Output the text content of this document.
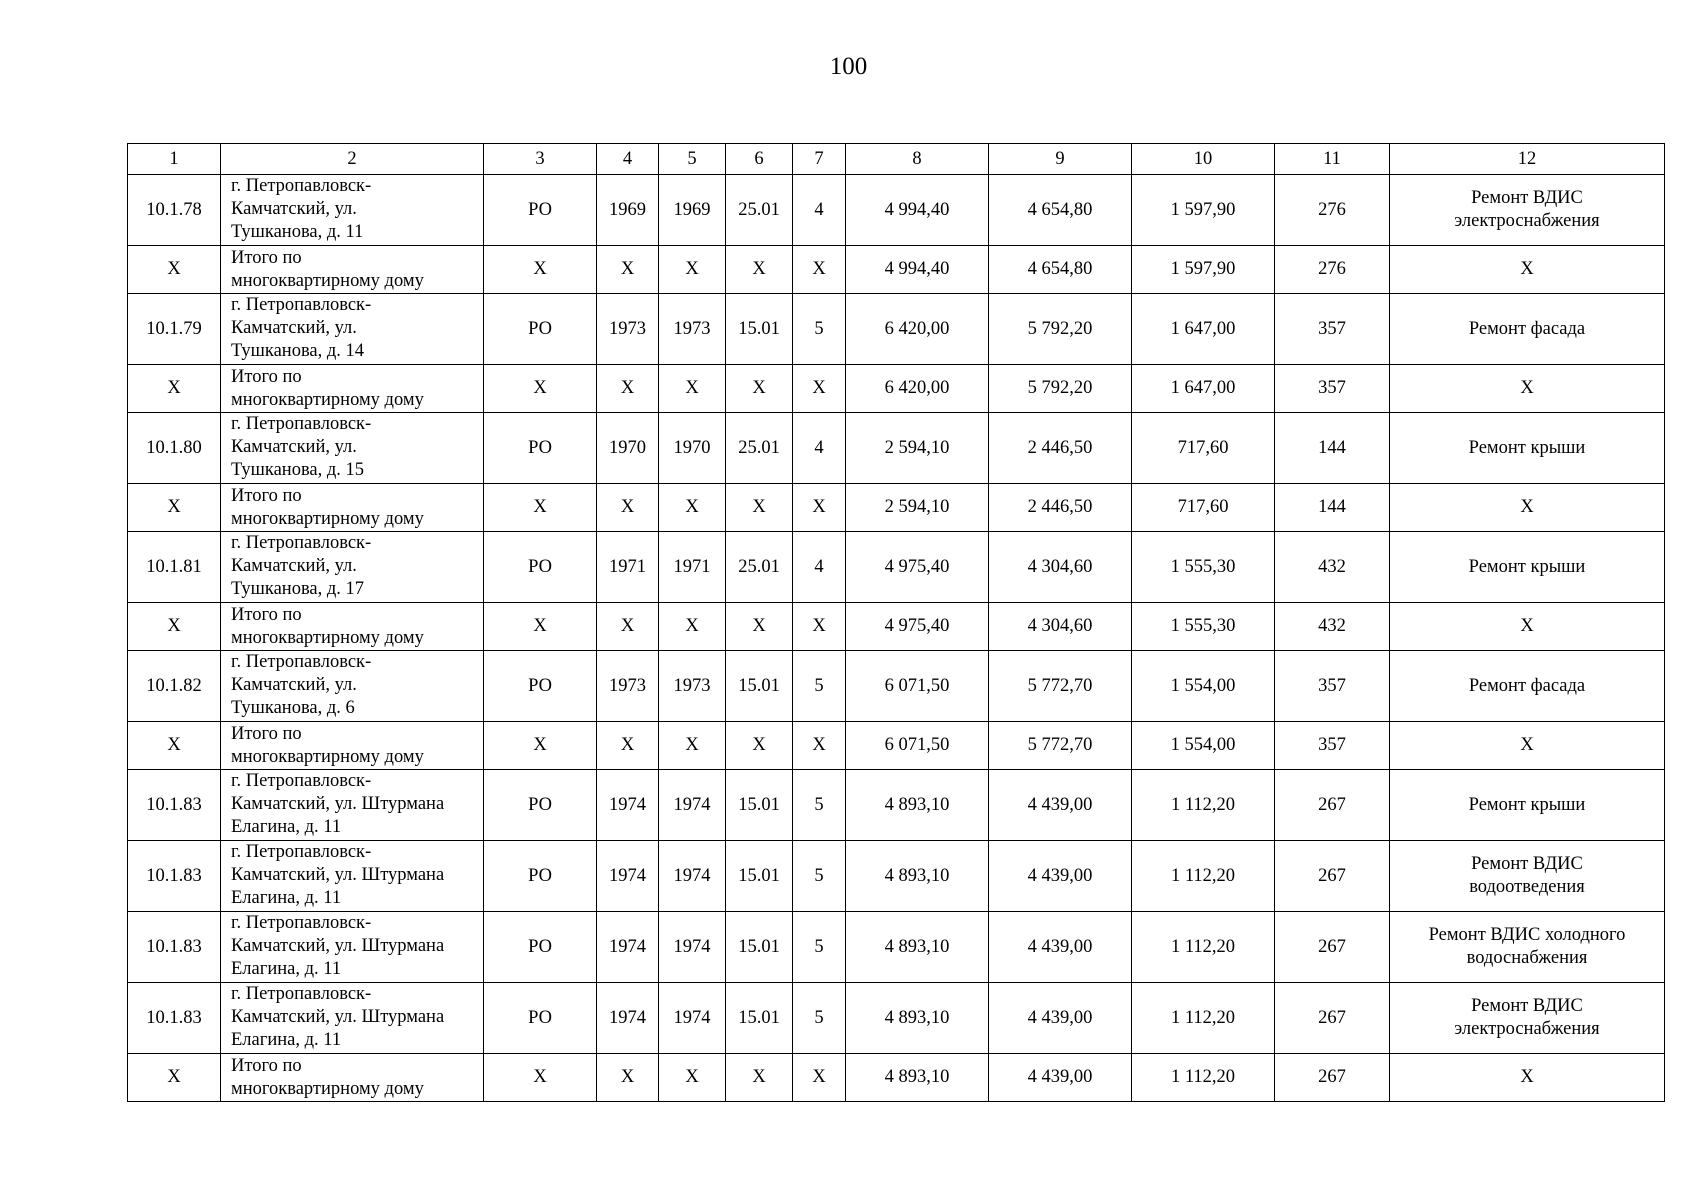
100
1	2	3	4	5	6	7	8	9	10	11	12
10.1.78	г. Петропавловск-
Камчатский, ул.
Тушканова, д. 11	РО	1969	1969	25.01	4	4 994,40	4 654,80	1 597,90	276	Ремонт ВДИС
электроснабжения

Х	Итого по
многоквартирному дому	Х	Х	Х	Х	Х	4 994,40	4 654,80	1 597,90	276	Х

10.1.79	г. Петропавловск-
Камчатский, ул.
Тушканова, д. 14	РО	1973	1973	15.01	5	6 420,00	5 792,20	1 647,00	357	Ремонт фасада

Х	Итого по
многоквартирному дому	Х	Х	Х	Х	Х	6 420,00	5 792,20	1 647,00	357	Х

10.1.80	г. Петропавловск-
Камчатский, ул.
Тушканова, д. 15	РО	1970	1970	25.01	4	2 594,10	2 446,50	717,60	144	Ремонт крыши

Х	Итого по
многоквартирному дому	Х	Х	Х	Х	Х	2 594,10	2 446,50	717,60	144	Х

10.1.81	г. Петропавловск-
Камчатский, ул.
Тушканова, д. 17	РО	1971	1971	25.01	4	4 975,40	4 304,60	1 555,30	432	Ремонт крыши

Х	Итого по
многоквартирному дому	Х	Х	Х	Х	Х	4 975,40	4 304,60	1 555,30	432	Х

10.1.82	г. Петропавловск-
Камчатский, ул.
Тушканова, д. 6	РО	1973	1973	15.01	5	6 071,50	5 772,70	1 554,00	357	Ремонт фасада

Х	Итого по
многоквартирному дому	Х	Х	Х	Х	Х	6 071,50	5 772,70	1 554,00	357	Х

10.1.83	г. Петропавловск-
Камчатский, ул. Штурмана
Елагина, д. 11	РО	1974	1974	15.01	5	4 893,10	4 439,00	1 112,20	267	Ремонт крыши

10.1.83	г. Петропавловск-
Камчатский, ул. Штурмана
Елагина, д. 11	РО	1974	1974	15.01	5	4 893,10	4 439,00	1 112,20	267	Ремонт ВДИС
водоотведения

10.1.83	г. Петропавловск-
Камчатский, ул. Штурмана
Елагина, д. 11	РО	1974	1974	15.01	5	4 893,10	4 439,00	1 112,20	267	Ремонт ВДИС холодного
водоснабжения

10.1.83	г. Петропавловск-
Камчатский, ул. Штурмана
Елагина, д. 11	РО	1974	1974	15.01	5	4 893,10	4 439,00	1 112,20	267	Ремонт ВДИС
электроснабжения

Х	Итого по
многоквартирному дому	Х	Х	Х	Х	Х	4 893,10	4 439,00	1 112,20	267	Х
